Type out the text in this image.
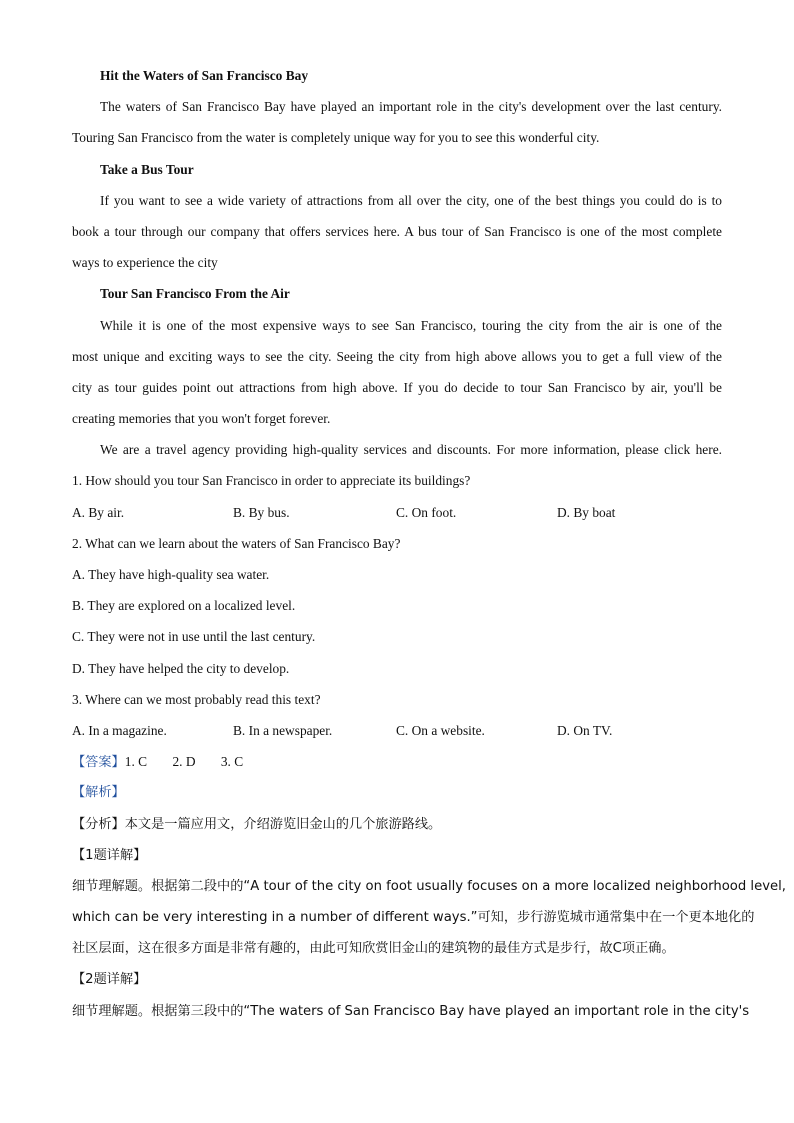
Hit the Waters of San Francisco Bay
The waters of San Francisco Bay have played an important role in the city's development over the last century.
Touring San Francisco from the water is completely unique way for you to see this wonderful city.
Take a Bus Tour
If you want to see a wide variety of attractions from all over the city, one of the best things you could do is to
book a tour through our company that offers services here. A bus tour of San Francisco is one of the most complete
ways to experience the city
Tour San Francisco From the Air
While it is one of the most expensive ways to see San Francisco, touring the city from the air is one of the
most unique and exciting ways to see the city. Seeing the city from high above allows you to get a full view of the
city as tour guides point out attractions from high above. If you do decide to tour San Francisco by air, you'll be
creating memories that you won't forget forever.
We are a travel agency providing high-quality services and discounts. For more information, please click here.
1. How should you tour San Francisco in order to appreciate its buildings?
A. By air.	B. By bus.	C. On foot.	D. By boat
2. What can we learn about the waters of San Francisco Bay?
A. They have high-quality sea water.
B. They are explored on a localized level.
C. They were not in use until the last century.
D. They have helped the city to develop.
3. Where can we most probably read this text?
A. In a magazine.	B. In a newspaper.	C. On a website.	D. On TV.
【答案】1. C 2. D 3. C
【解析】
【分析】本文是一篇应用文，介绍游览旧金山的几个旅游路线。
【1题详解】
细节理解题。根据第二段中的“A tour of the city on foot usually focuses on a more localized neighborhood level,
which can be very interesting in a number of different ways.”可知，步行游览城市通常集中在一个更本地化的
社区层面，这在很多方面是非常有趣的，由此可知欣赏旧金山的建筑物的最佳方式是步行，故C项正确。
【2题详解】
细节理解题。根据第三段中的“The waters of San Francisco Bay have played an important role in the city's
